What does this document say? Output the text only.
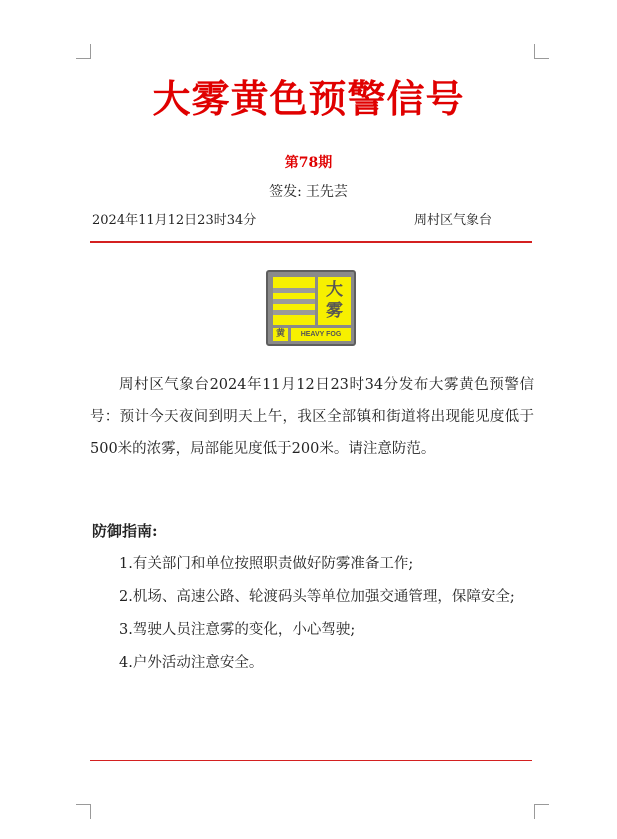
大雾黄色预警信号
第78期
签发: 王先芸
2024年11月12日23时34分	周村区气象台
大
雾
黄	HEAVY FOG

周村区气象台2024年11月12日23时34分发布大雾黄色预警信号：预计今天夜间到明天上午，我区全部镇和街道将出现能见度低于500米的浓雾，局部能见度低于200米。请注意防范。

防御指南:
1.有关部门和单位按照职责做好防雾准备工作;
2.机场、高速公路、轮渡码头等单位加强交通管理，保障安全;
3.驾驶人员注意雾的变化，小心驾驶;
4.户外活动注意安全。
